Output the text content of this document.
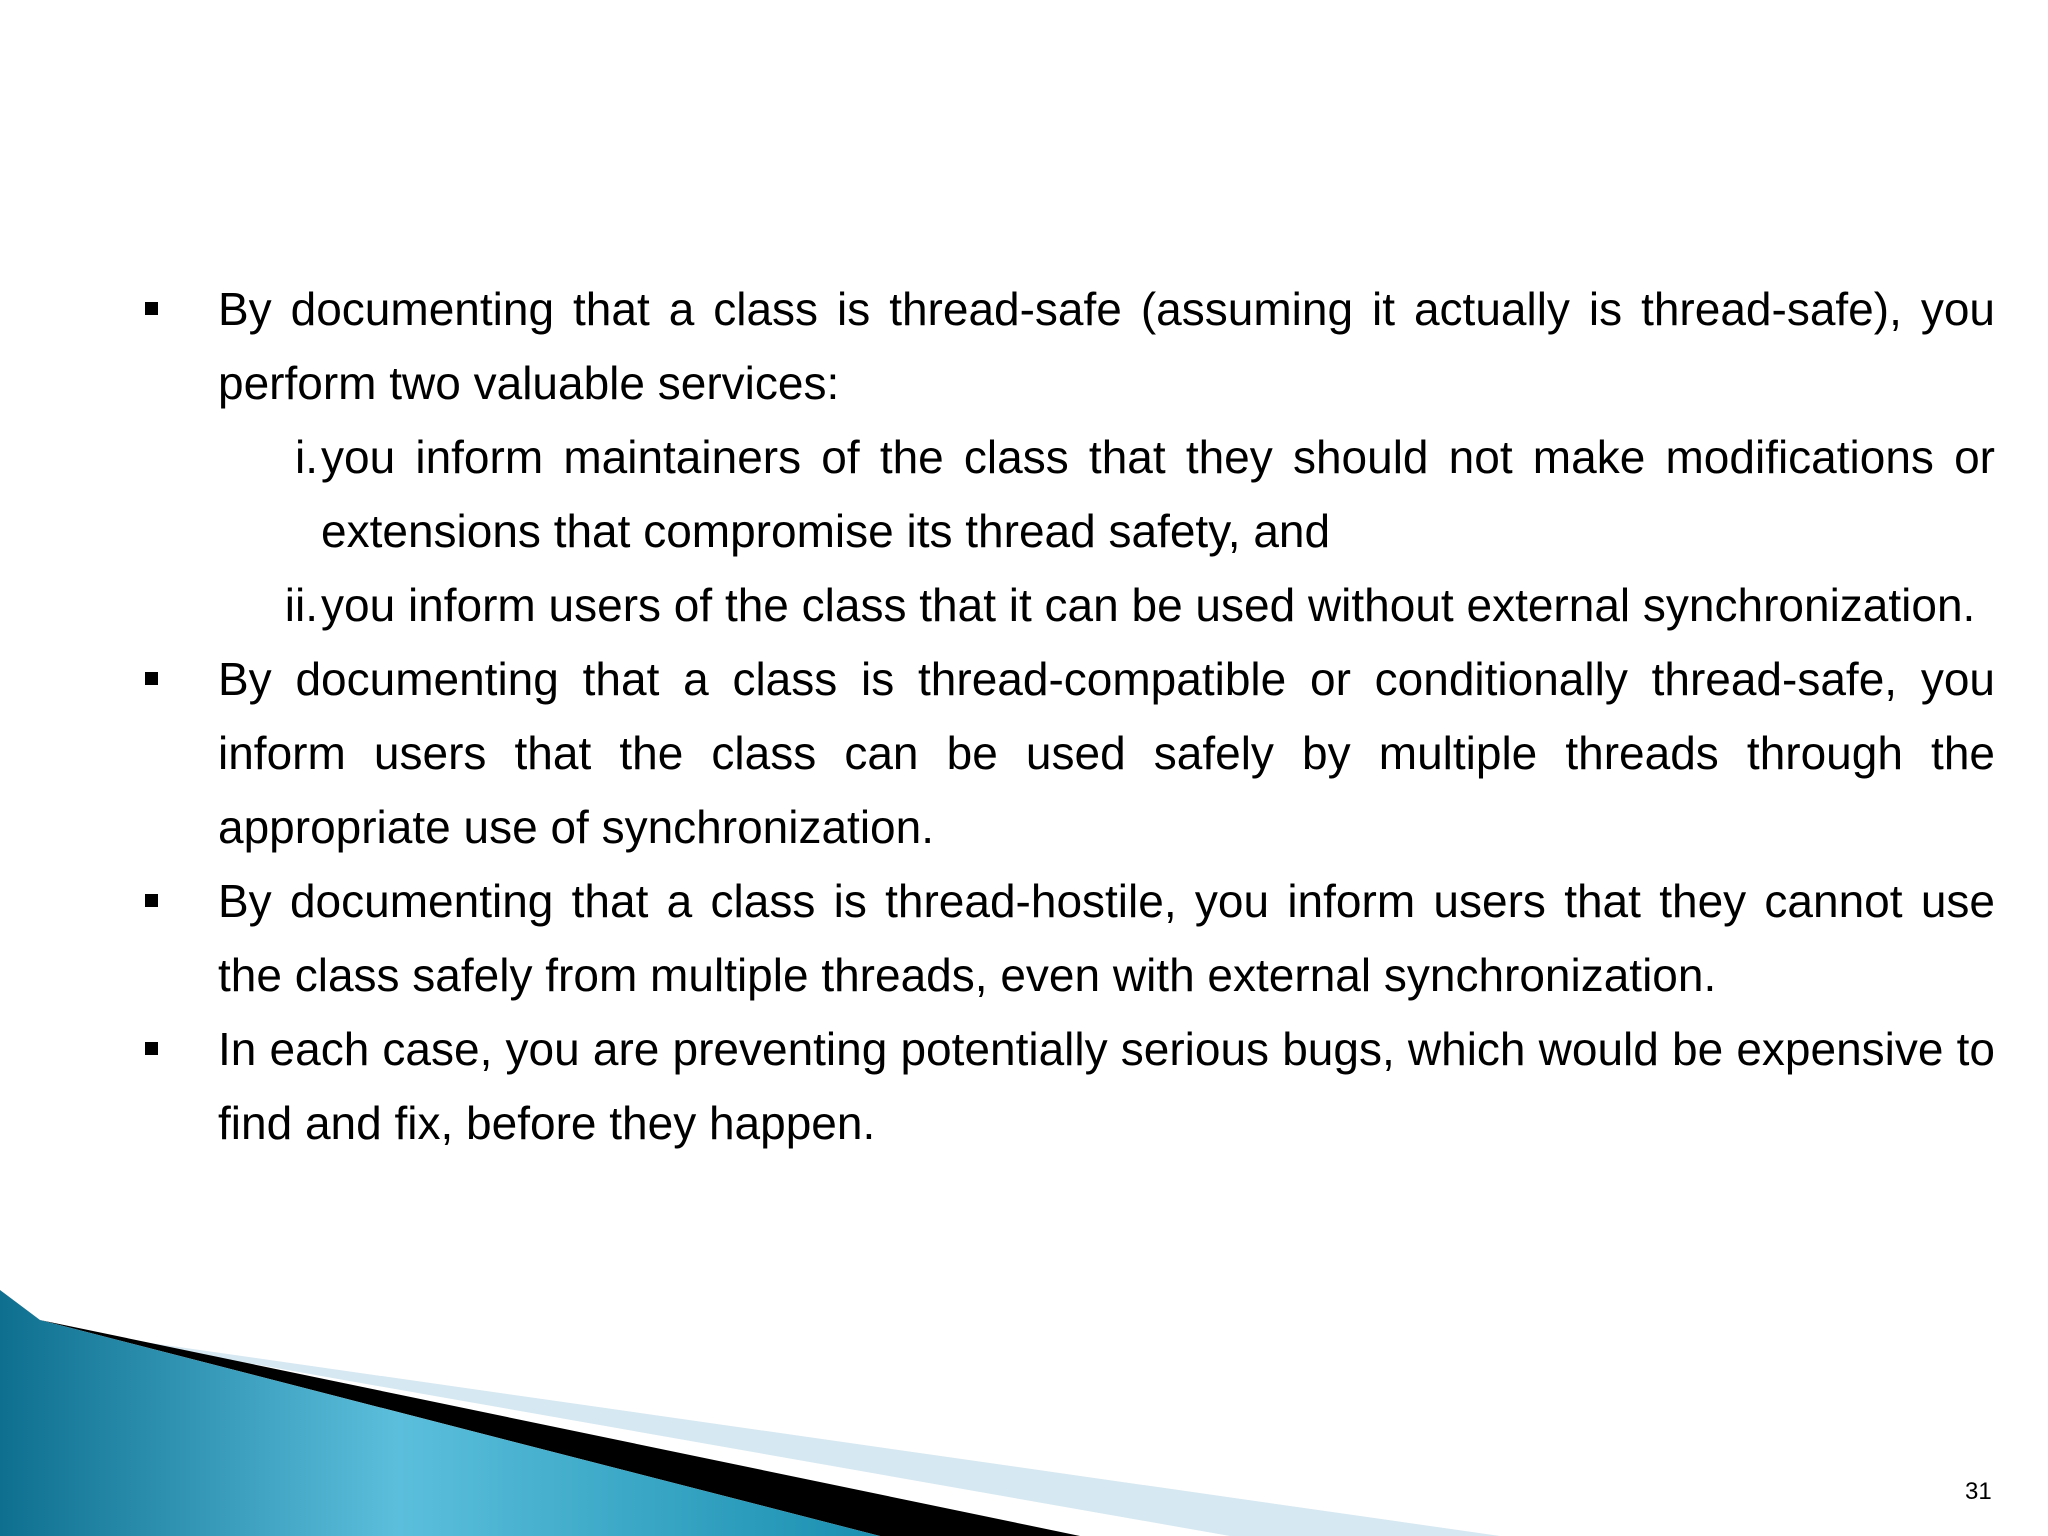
By documenting that a class is thread-safe (assuming it actually is thread-safe), you perform two valuable services:
i. you inform maintainers of the class that they should not make modifications or extensions that compromise its thread safety, and
ii. you inform users of the class that it can be used without external synchronization.
By documenting that a class is thread-compatible or conditionally thread-safe, you inform users that the class can be used safely by multiple threads through the appropriate use of synchronization.
By documenting that a class is thread-hostile, you inform users that they cannot use the class safely from multiple threads, even with external synchronization.
In each case, you are preventing potentially serious bugs, which would be expensive to find and fix, before they happen.
31
